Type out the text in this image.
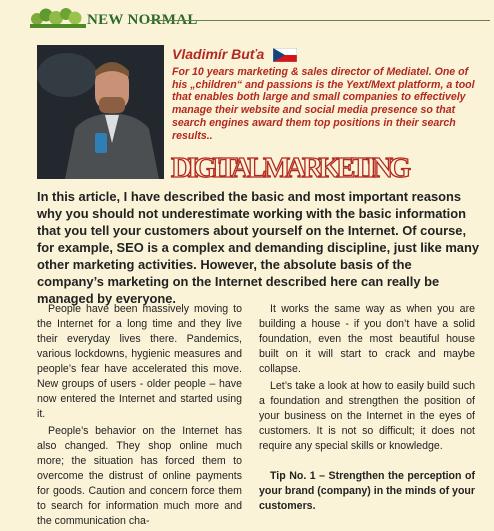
NEW NORMAL
Vladimír Buťa
For 10 years marketing & sales director of Mediatel. One of his „children“ and passions is the Yext/Mext platform, a tool that enables both large and small companies to effectively manage their website and social media presence so that search engines award them top positions in their search results..
DIGITAL MARKETING
In this article, I have described the basic and most important reasons why you should not underestimate working with the basic information that you tell your customers about yourself on the Internet. Of course, for example, SEO is a complex and demanding discipline, just like many other marketing activities. However, the absolute basis of the company’s marketing on the Internet described here can really be managed by everyone.

People have been massively moving to the Internet for a long time and they live their everyday lives there. Pandemics, various lockdowns, hygienic measures and people’s fear have accelerated this move. New groups of users - older people – have now entered the Internet and started using it.

People’s behavior on the Internet has also changed. They shop online much more; the situation has forced them to overcome the distrust of online payments for goods. Caution and concern force them to search for information much more and the communication cha-

It works the same way as when you are building a house - if you don’t have a solid foundation, even the most beautiful house built on it will start to crack and maybe collapse.

Let’s take a look at how to easily build such a foundation and strengthen the position of your business on the Internet in the eyes of customers. It is not so difficult; it does not require any special skills or knowledge.

Tip No. 1 – Strengthen the perception of your brand (company) in the minds of your customers.
